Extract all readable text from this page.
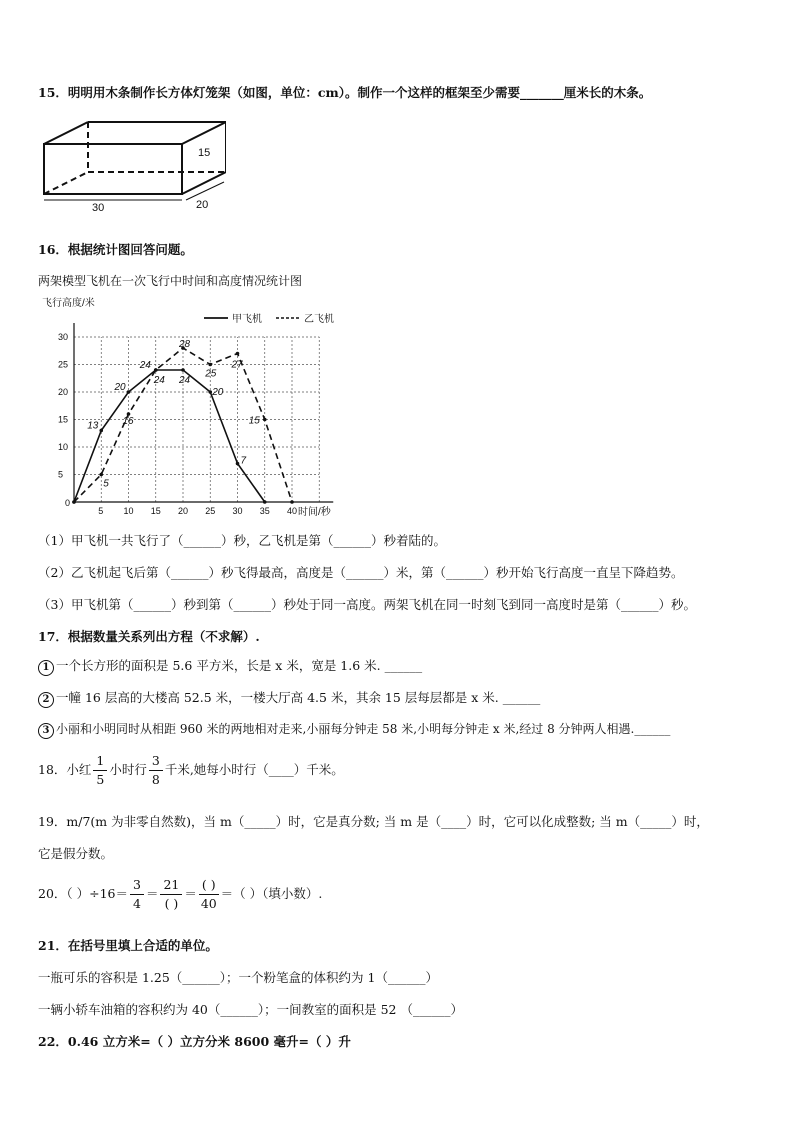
15．明明用木条制作长方体灯笼架（如图，单位：cm）。制作一个这样的框架至少需要_______厘米长的木条。
30	20
15
16．根据统计图回答问题。
两架模型飞机在一次飞行中时间和高度情况统计图
飞行高度/米
时间/秒
5 10 15 20 25 30 35 40
5
10
15
20
25
30
0
13
20
24
24
20
7
5
16
24
28
25
27
15
甲飞机	乙飞机
（1）甲飞机一共飞行了（______）秒，乙飞机是第（______）秒着陆的。
（2）乙飞机起飞后第（______）秒飞得最高，高度是（______）米，第（______）秒开始飞行高度一直呈下降趋势。
（3）甲飞机第（______）秒到第（______）秒处于同一高度。两架飞机在同一时刻飞到同一高度时是第（______）秒。
17．根据数量关系列出方程（不求解）.
1 一个长方形的面积是 5.6 平方米，长是 x 米，宽是 1.6 米. ______
2 一幢 16 层高的大楼高 52.5 米，一楼大厅高 4.5 米，其余 15 层每层都是 x 米. ______
3 小丽和小明同时从相距 960 米的两地相对走来,小丽每分钟走 58 米,小明每分钟走 x 米,经过 8 分钟两人相遇.______
18．小红 $\frac{1}{5}$ 小时行 $\frac{3}{8}$ 千米,她每小时行（____）千米。
19．m/7(m 为非零自然数)，当 m（_____）时，它是真分数; 当 m 是（____）时，它可以化成整数; 当 m（_____）时，
它是假分数。
20．（ ）$\div 16= \frac{3}{4} = \frac{21}{( )} = \frac{( )}{40}$ ＝（ ）（填小数）.
21．在括号里填上合适的单位。
一瓶可乐的容积是 1.25（______）；一个粉笔盒的体积约为 1（______）
一辆小轿车油箱的容积约为 40（______）；一间教室的面积是 52 （______）
22．0.46 立方米=（ ）立方分米 8600 毫升=（ ）升
